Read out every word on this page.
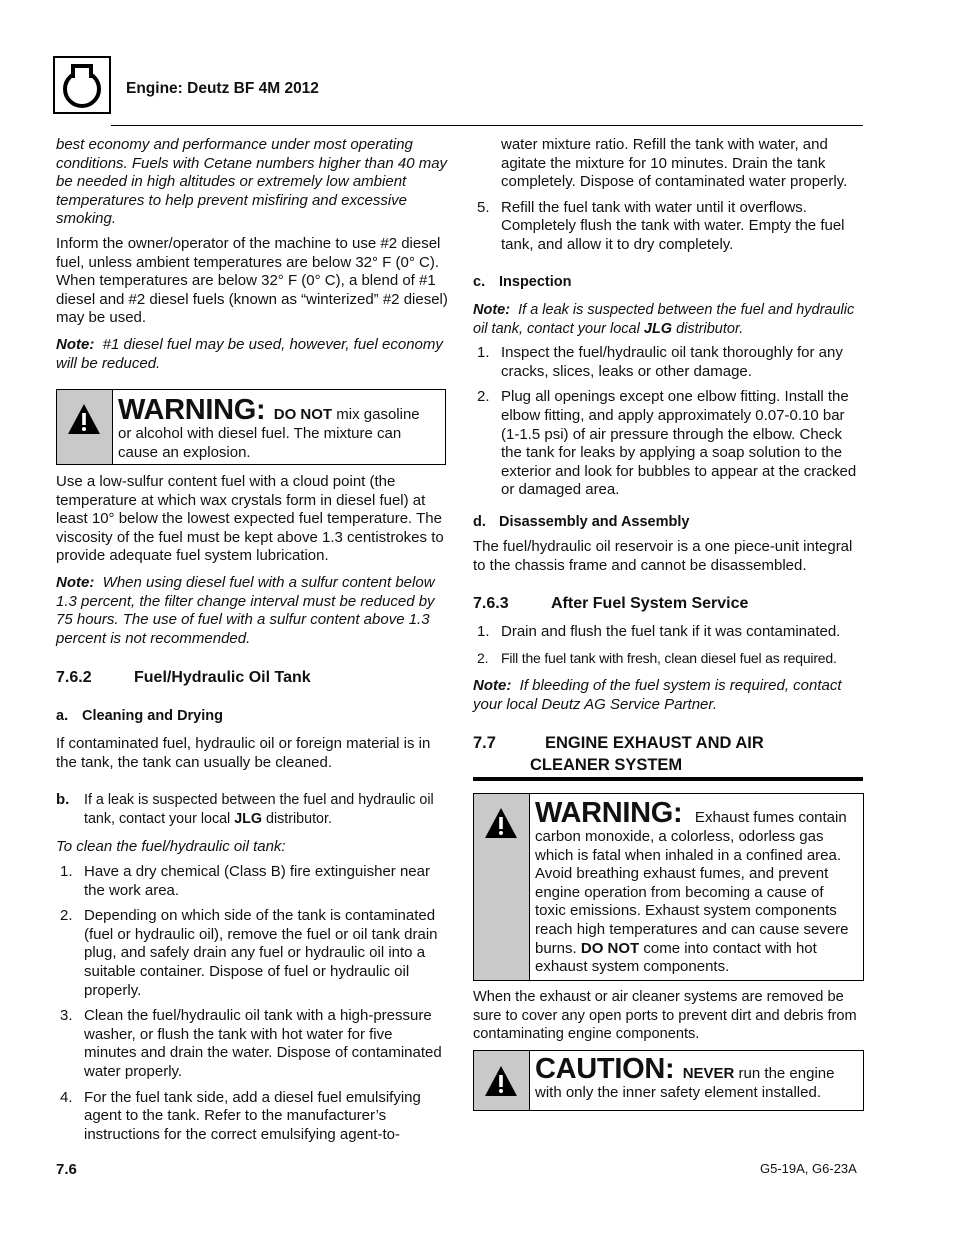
Engine: Deutz BF 4M 2012

best economy and performance under most operating conditions. Fuels with Cetane numbers higher than 40 may be needed in high altitudes or extremely low ambient temperatures to help prevent misfiring and excessive smoking.

Inform the owner/operator of the machine to use #2 diesel fuel, unless ambient temperatures are below 32° F (0° C). When temperatures are below 32° F (0° C), a blend of #1 diesel and #2 diesel fuels (known as “winterized” #2 diesel) may be used.

Note: #1 diesel fuel may be used, however, fuel economy will be reduced.

WARNING: DO NOT mix gasoline or alcohol with diesel fuel. The mixture can cause an explosion.

Use a low-sulfur content fuel with a cloud point (the temperature at which wax crystals form in diesel fuel) at least 10° below the lowest expected fuel temperature. The viscosity of the fuel must be kept above 1.3 centistrokes to provide adequate fuel system lubrication.

Note: When using diesel fuel with a sulfur content below 1.3 percent, the filter change interval must be reduced by 75 hours. The use of fuel with a sulfur content above 1.3 percent is not recommended.

7.6.2	Fuel/Hydraulic Oil Tank
a. Cleaning and Drying

If contaminated fuel, hydraulic oil or foreign material is in the tank, the tank can usually be cleaned.

b.	If a leak is suspected between the fuel and hydraulic oil tank, contact your local JLG distributor.
To clean the fuel/hydraulic oil tank:
1. Have a dry chemical (Class B) fire extinguisher near the work area.
2. Depending on which side of the tank is contaminated (fuel or hydraulic oil), remove the fuel or oil tank drain plug, and safely drain any fuel or hydraulic oil into a suitable container. Dispose of fuel or hydraulic oil properly.
3. Clean the fuel/hydraulic oil tank with a high-pressure washer, or flush the tank with hot water for five minutes and drain the water. Dispose of contaminated water properly.
4. For the fuel tank side, add a diesel fuel emulsifying agent to the tank. Refer to the manufacturer’s instructions for the correct emulsifying agent-to-

water mixture ratio. Refill the tank with water, and agitate the mixture for 10 minutes. Drain the tank completely. Dispose of contaminated water properly.

5. Refill the fuel tank with water until it overflows. Completely flush the tank with water. Empty the fuel tank, and allow it to dry completely.
c. Inspection

Note: If a leak is suspected between the fuel and hydraulic oil tank, contact your local JLG distributor.

1. Inspect the fuel/hydraulic oil tank thoroughly for any cracks, slices, leaks or other damage.
2. Plug all openings except one elbow fitting. Install the elbow fitting, and apply approximately 0.07-0.10 bar (1-1.5 psi) of air pressure through the elbow. Check the tank for leaks by applying a soap solution to the exterior and look for bubbles to appear at the cracked or damaged area.
d. Disassembly and Assembly

The fuel/hydraulic oil reservoir is a one piece-unit integral to the chassis frame and cannot be disassembled.

7.6.3	After Fuel System Service
1. Drain and flush the fuel tank if it was contaminated.
2. Fill the fuel tank with fresh, clean diesel fuel as required.

Note: If bleeding of the fuel system is required, contact your local Deutz AG Service Partner.

7.7	ENGINE EXHAUST AND AIR
CLEANER SYSTEM
WARNING:   Exhaust fumes contain carbon monoxide, a colorless, odorless gas which is fatal when inhaled in a confined area. Avoid breathing exhaust fumes, and prevent engine operation from becoming a cause of toxic emissions. Exhaust system components reach high temperatures and can cause severe burns. DO NOT come into contact with hot exhaust system components.

When the exhaust or air cleaner systems are removed be sure to cover any open ports to prevent dirt and debris from contaminating engine components.

CAUTION: NEVER run the engine with only the inner safety element installed.
7.6	G5-19A, G6-23A
